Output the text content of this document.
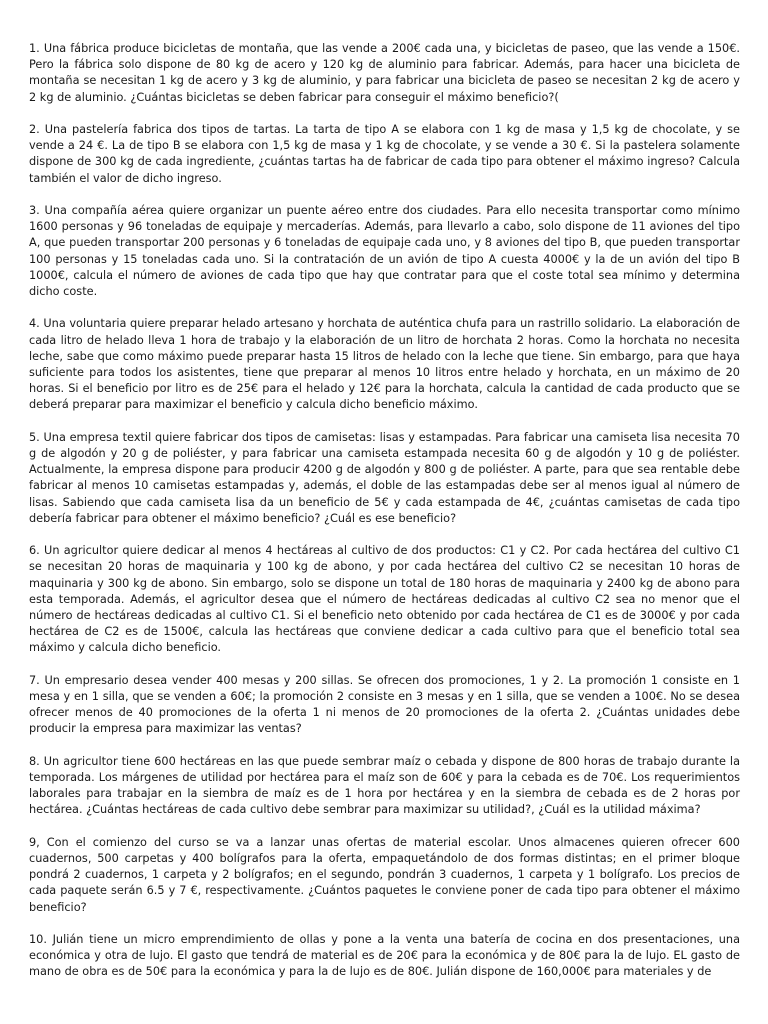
1. Una fábrica produce bicicletas de montaña, que las vende a 200€ cada una, y bicicletas de paseo, que las vende a 150€. Pero la fábrica solo dispone de 80 kg de acero y 120 kg de aluminio para fabricar. Además, para hacer una bicicleta de montaña se necesitan 1 kg de acero y 3 kg de aluminio, y para fabricar una bicicleta de paseo se necesitan 2 kg de acero y 2 kg de aluminio. ¿Cuántas bicicletas se deben fabricar para conseguir el máximo beneficio?(

2. Una pastelería fabrica dos tipos de tartas. La tarta de tipo A se elabora con 1 kg de masa y 1,5 kg de chocolate, y se vende a 24 €. La de tipo B se elabora con 1,5 kg de masa y 1 kg de chocolate, y se vende a 30 €. Si la pastelera solamente dispone de 300 kg de cada ingrediente, ¿cuántas tartas ha de fabricar de cada tipo para obtener el máximo ingreso? Calcula también el valor de dicho ingreso.

3. Una compañía aérea quiere organizar un puente aéreo entre dos ciudades. Para ello necesita transportar como mínimo 1600 personas y 96 toneladas de equipaje y mercaderías. Además, para llevarlo a cabo, solo dispone de 11 aviones del tipo A, que pueden transportar 200 personas y 6 toneladas de equipaje cada uno, y 8 aviones del tipo B, que pueden transportar 100 personas y 15 toneladas cada uno. Si la contratación de un avión de tipo A cuesta 4000€ y la de un avión del tipo B 1000€, calcula el número de aviones de cada tipo que hay que contratar para que el coste total sea mínimo y determina dicho coste.

4. Una voluntaria quiere preparar helado artesano y horchata de auténtica chufa para un rastrillo solidario. La elaboración de cada litro de helado lleva 1 hora de trabajo y la elaboración de un litro de horchata 2 horas. Como la horchata no necesita leche, sabe que como máximo puede preparar hasta 15 litros de helado con la leche que tiene. Sin embargo, para que haya suficiente para todos los asistentes, tiene que preparar al menos 10 litros entre helado y horchata, en un máximo de 20 horas. Si el beneficio por litro es de 25€ para el helado y 12€ para la horchata, calcula la cantidad de cada producto que se deberá preparar para maximizar el beneficio y calcula dicho beneficio máximo.

5. Una empresa textil quiere fabricar dos tipos de camisetas: lisas y estampadas. Para fabricar una camiseta lisa necesita 70 g de algodón y 20 g de poliéster, y para fabricar una camiseta estampada necesita 60 g de algodón y 10 g de poliéster. Actualmente, la empresa dispone para producir 4200 g de algodón y 800 g de poliéster. A parte, para que sea rentable debe fabricar al menos 10 camisetas estampadas y, además, el doble de las estampadas debe ser al menos igual al número de lisas. Sabiendo que cada camiseta lisa da un beneficio de 5€ y cada estampada de 4€, ¿cuántas camisetas de cada tipo debería fabricar para obtener el máximo beneficio? ¿Cuál es ese beneficio?

6. Un agricultor quiere dedicar al menos 4 hectáreas al cultivo de dos productos: C1 y C2. Por cada hectárea del cultivo C1 se necesitan 20 horas de maquinaria y 100 kg de abono, y por cada hectárea del cultivo C2 se necesitan 10 horas de maquinaria y 300 kg de abono. Sin embargo, solo se dispone un total de 180 horas de maquinaria y 2400 kg de abono para esta temporada. Además, el agricultor desea que el número de hectáreas dedicadas al cultivo C2 sea no menor que el número de hectáreas dedicadas al cultivo C1. Si el beneficio neto obtenido por cada hectárea de C1 es de 3000€ y por cada hectárea de C2 es de 1500€, calcula las hectáreas que conviene dedicar a cada cultivo para que el beneficio total sea máximo y calcula dicho beneficio.

7. Un empresario desea vender 400 mesas y 200 sillas. Se ofrecen dos promociones, 1 y 2. La promoción 1 consiste en 1 mesa y en 1 silla, que se venden a 60€; la promoción 2 consiste en 3 mesas y en 1 silla, que se venden a 100€. No se desea ofrecer menos de 40 promociones de la oferta 1 ni menos de 20 promociones de la oferta 2. ¿Cuántas unidades debe producir la empresa para maximizar las ventas?

8. Un agricultor tiene 600 hectáreas en las que puede sembrar maíz o cebada y dispone de 800 horas de trabajo durante la temporada. Los márgenes de utilidad por hectárea para el maíz son de 60€ y para la cebada es de 70€. Los requerimientos laborales para trabajar en la siembra de maíz es de 1 hora por hectárea y en la siembra de cebada es de 2 horas por hectárea. ¿Cuántas hectáreas de cada cultivo debe sembrar para maximizar su utilidad?, ¿Cuál es la utilidad máxima?

9, Con el comienzo del curso se va a lanzar unas ofertas de material escolar. Unos almacenes quieren ofrecer 600 cuadernos, 500 carpetas y 400 bolígrafos para la oferta, empaquetándolo de dos formas distintas; en el primer bloque pondrá 2 cuadernos, 1 carpeta y 2 bolígrafos; en el segundo, pondrán 3 cuadernos, 1 carpeta y 1 bolígrafo. Los precios de cada paquete serán 6.5 y 7 €, respectivamente. ¿Cuántos paquetes le conviene poner de cada tipo para obtener el máximo beneficio?

10. Julián tiene un micro emprendimiento de ollas y pone a la venta una batería de cocina en dos presentaciones, una económica y otra de lujo. El gasto que tendrá de material es de 20€ para la económica y de 80€ para la de lujo. EL gasto de mano de obra es de 50€ para la económica y para la de lujo es de 80€. Julián dispone de 160,000€ para materiales y de
